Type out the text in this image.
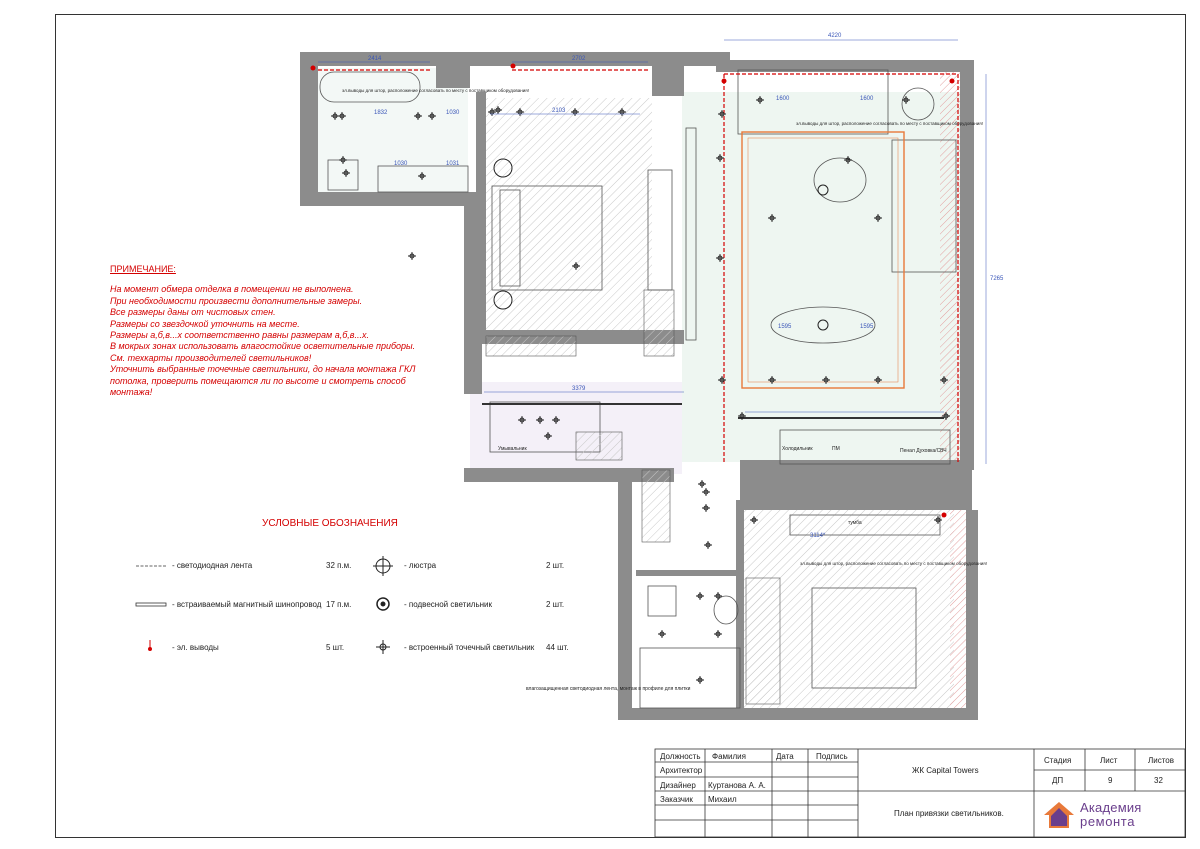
4220
2414	2702
2103
1030
1832
1031
1030
3379
1595	1595
1600	1600
7265
3114*
тумба
Холодильник	ПМ	Пенал Духовка/СВЧ
Умывальник
влагозащищенная светодиодная лента, монтаж в профиле для плитки
эл.выводы для штор, расположение согласовать по месту с поставщиком оборудования!
эл.выводы для штор, расположение согласовать по месту с поставщиком оборудования!
эл.выводы для штор, расположение согласовать по месту с поставщиком оборудования!
ПРИМЕЧАНИЕ:
На момент обмера отделка в помещении не выполнена.
При необходимости произвести дополнительные замеры.
Все размеры даны от чистовых стен.
Размеры со звездочкой уточнить на месте.
Размеры а,б,в...х соответственно равны размерам а,б,в...х.
В мокрых зонах использовать влагостойкие осветительные приборы.
См. техкарты производителей светильников!
Уточнить выбранные точечные светильники, до начала монтажа ГКЛ
потолка, проверить помещаются ли по высоте и смотреть способ
монтажа!
УСЛОВНЫЕ ОБОЗНАЧЕНИЯ
- светодиодная лента	32 п.м.
- встраиваемый магнитный шинопровод 17 п.м.
- эл. выводы	5 шт.
- люстра	2 шт.
- подвесной светильник	2 шт.
- встроенный точечный светильник 44 шт.
Должность Фамилия	Дата	Подпись
Архитектор
Дизайнер Куртанова А. А.
Заказчик Михаил
ЖК Capital Towers
План привязки светильников.
Стадия	Лист	Листов
ДП	9	32
Академия
ремонта
